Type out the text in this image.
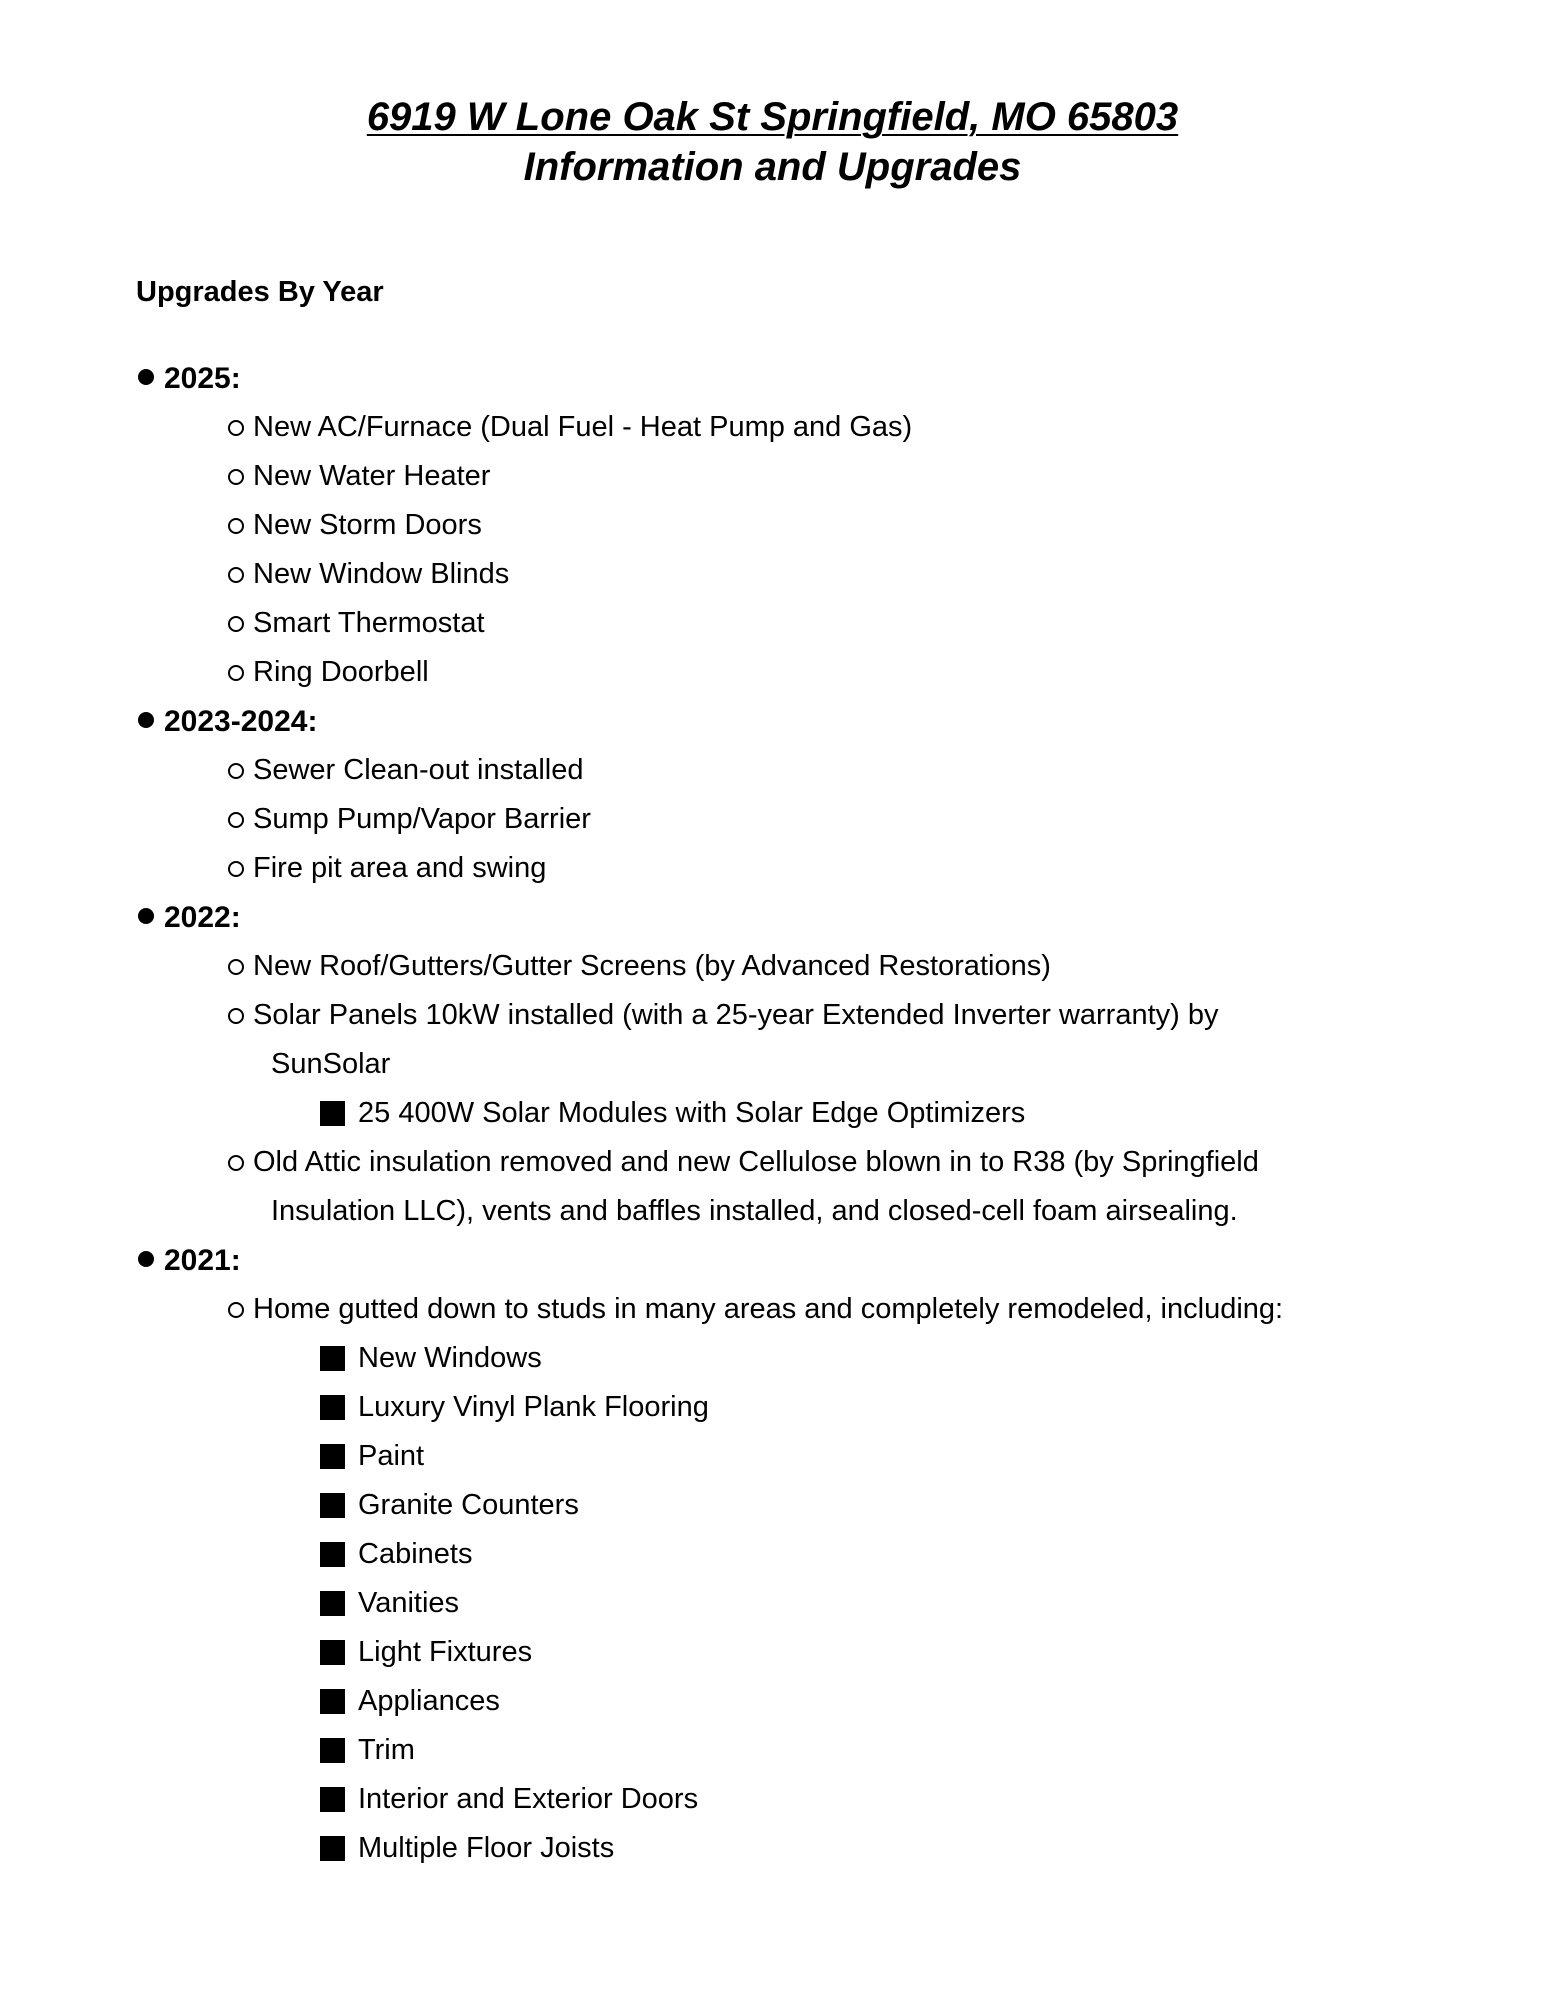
6919 W Lone Oak St Springfield, MO 65803
Information and Upgrades
Upgrades By Year
2025:
New AC/Furnace (Dual Fuel - Heat Pump and Gas)
New Water Heater
New Storm Doors
New Window Blinds
Smart Thermostat
Ring Doorbell
2023-2024:
Sewer Clean-out installed
Sump Pump/Vapor Barrier
Fire pit area and swing
2022:
New Roof/Gutters/Gutter Screens (by Advanced Restorations)
Solar Panels 10kW installed (with a 25-year Extended Inverter warranty) by
SunSolar
25 400W Solar Modules with Solar Edge Optimizers
Old Attic insulation removed and new Cellulose blown in to R38 (by Springfield
Insulation LLC), vents and baffles installed, and closed-cell foam airsealing.
2021:
Home gutted down to studs in many areas and completely remodeled, including:
New Windows
Luxury Vinyl Plank Flooring
Paint
Granite Counters
Cabinets
Vanities
Light Fixtures
Appliances
Trim
Interior and Exterior Doors
Multiple Floor Joists
